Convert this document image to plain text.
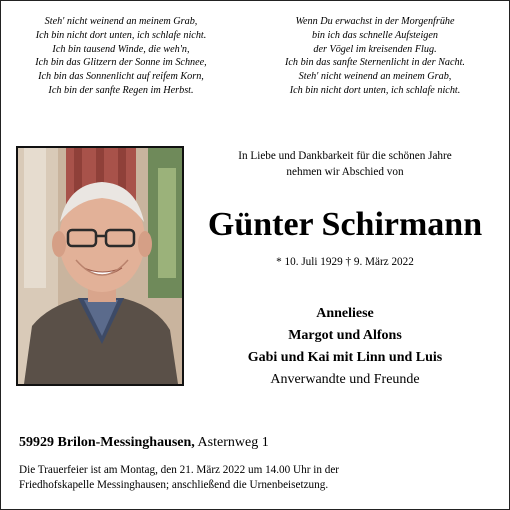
Steh' nicht weinend an meinem Grab,
Ich bin nicht dort unten, ich schlafe nicht.
Ich bin tausend Winde, die weh'n,
Ich bin das Glitzern der Sonne im Schnee,
Ich bin das Sonnenlicht auf reifem Korn,
Ich bin der sanfte Regen im Herbst.
Wenn Du erwachst in der Morgenfrühe
bin ich das schnelle Aufsteigen
der Vögel im kreisenden Flug.
Ich bin das sanfte Sternenlicht in der Nacht.
Steh' nicht weinend an meinem Grab,
Ich bin nicht dort unten, ich schlafe nicht.
In Liebe und Dankbarkeit für die schönen Jahre
nehmen wir Abschied von
Günter Schirmann
* 10. Juli 1929 † 9. März 2022
Anneliese
Margot und Alfons
Gabi und Kai mit Linn und Luis
Anverwandte und Freunde
59929 Brilon-Messinghausen, Asternweg 1
Die Trauerfeier ist am Montag, den 21. März 2022 um 14.00 Uhr in der
Friedhofskapelle Messinghausen; anschließend die Urnenbeisetzung.
